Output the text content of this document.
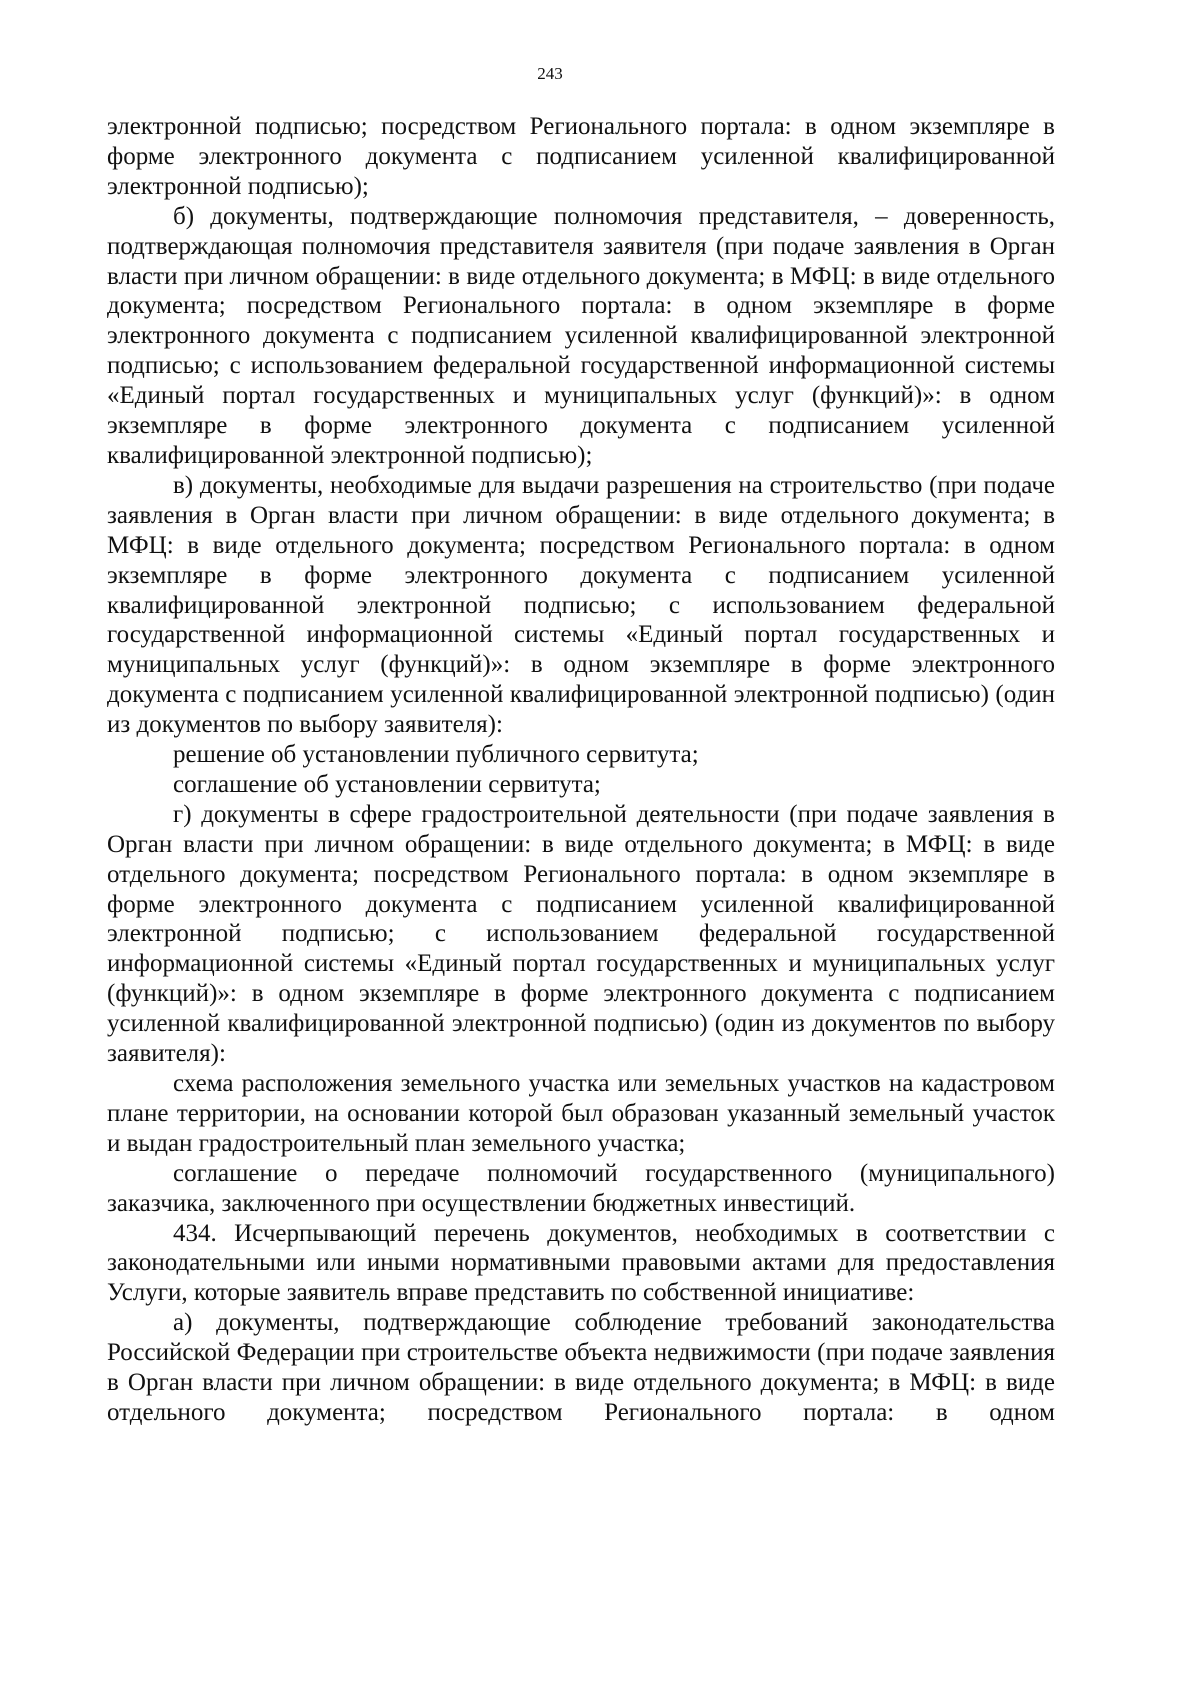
243

электронной подписью; посредством Регионального портала: в одном экземпляре в форме электронного документа с подписанием усиленной квалифицированной электронной подписью);

б) документы, подтверждающие полномочия представителя, – доверенность, подтверждающая полномочия представителя заявителя (при подаче заявления в Орган власти при личном обращении: в виде отдельного документа; в МФЦ: в виде отдельного документа; посредством Регионального портала: в одном экземпляре в форме электронного документа с подписанием усиленной квалифицированной электронной подписью; с использованием федеральной государственной информационной системы «Единый портал государственных и муниципальных услуг (функций)»: в одном экземпляре в форме электронного документа с подписанием усиленной квалифицированной электронной подписью);

в) документы, необходимые для выдачи разрешения на строительство (при подаче заявления в Орган власти при личном обращении: в виде отдельного документа; в МФЦ: в виде отдельного документа; посредством Регионального портала: в одном экземпляре в форме электронного документа с подписанием усиленной квалифицированной электронной подписью; с использованием федеральной государственной информационной системы «Единый портал государственных и муниципальных услуг (функций)»: в одном экземпляре в форме электронного документа с подписанием усиленной квалифицированной электронной подписью) (один из документов по выбору заявителя):

решение об установлении публичного сервитута;

соглашение об установлении сервитута;

г) документы в сфере градостроительной деятельности (при подаче заявления в Орган власти при личном обращении: в виде отдельного документа; в МФЦ: в виде отдельного документа; посредством Регионального портала: в одном экземпляре в форме электронного документа с подписанием усиленной квалифицированной электронной подписью; с использованием федеральной государственной информационной системы «Единый портал государственных и муниципальных услуг (функций)»: в одном экземпляре в форме электронного документа с подписанием усиленной квалифицированной электронной подписью) (один из документов по выбору заявителя):

схема расположения земельного участка или земельных участков на кадастровом плане территории, на основании которой был образован указанный земельный участок и выдан градостроительный план земельного участка;

соглашение о передаче полномочий государственного (муниципального) заказчика, заключенного при осуществлении бюджетных инвестиций.

434. Исчерпывающий перечень документов, необходимых в соответствии с законодательными или иными нормативными правовыми актами для предоставления Услуги, которые заявитель вправе представить по собственной инициативе:

а) документы, подтверждающие соблюдение требований законодательства Российской Федерации при строительстве объекта недвижимости (при подаче заявления в Орган власти при личном обращении: в виде отдельного документа; в МФЦ: в виде отдельного документа; посредством Регионального портала: в одном
